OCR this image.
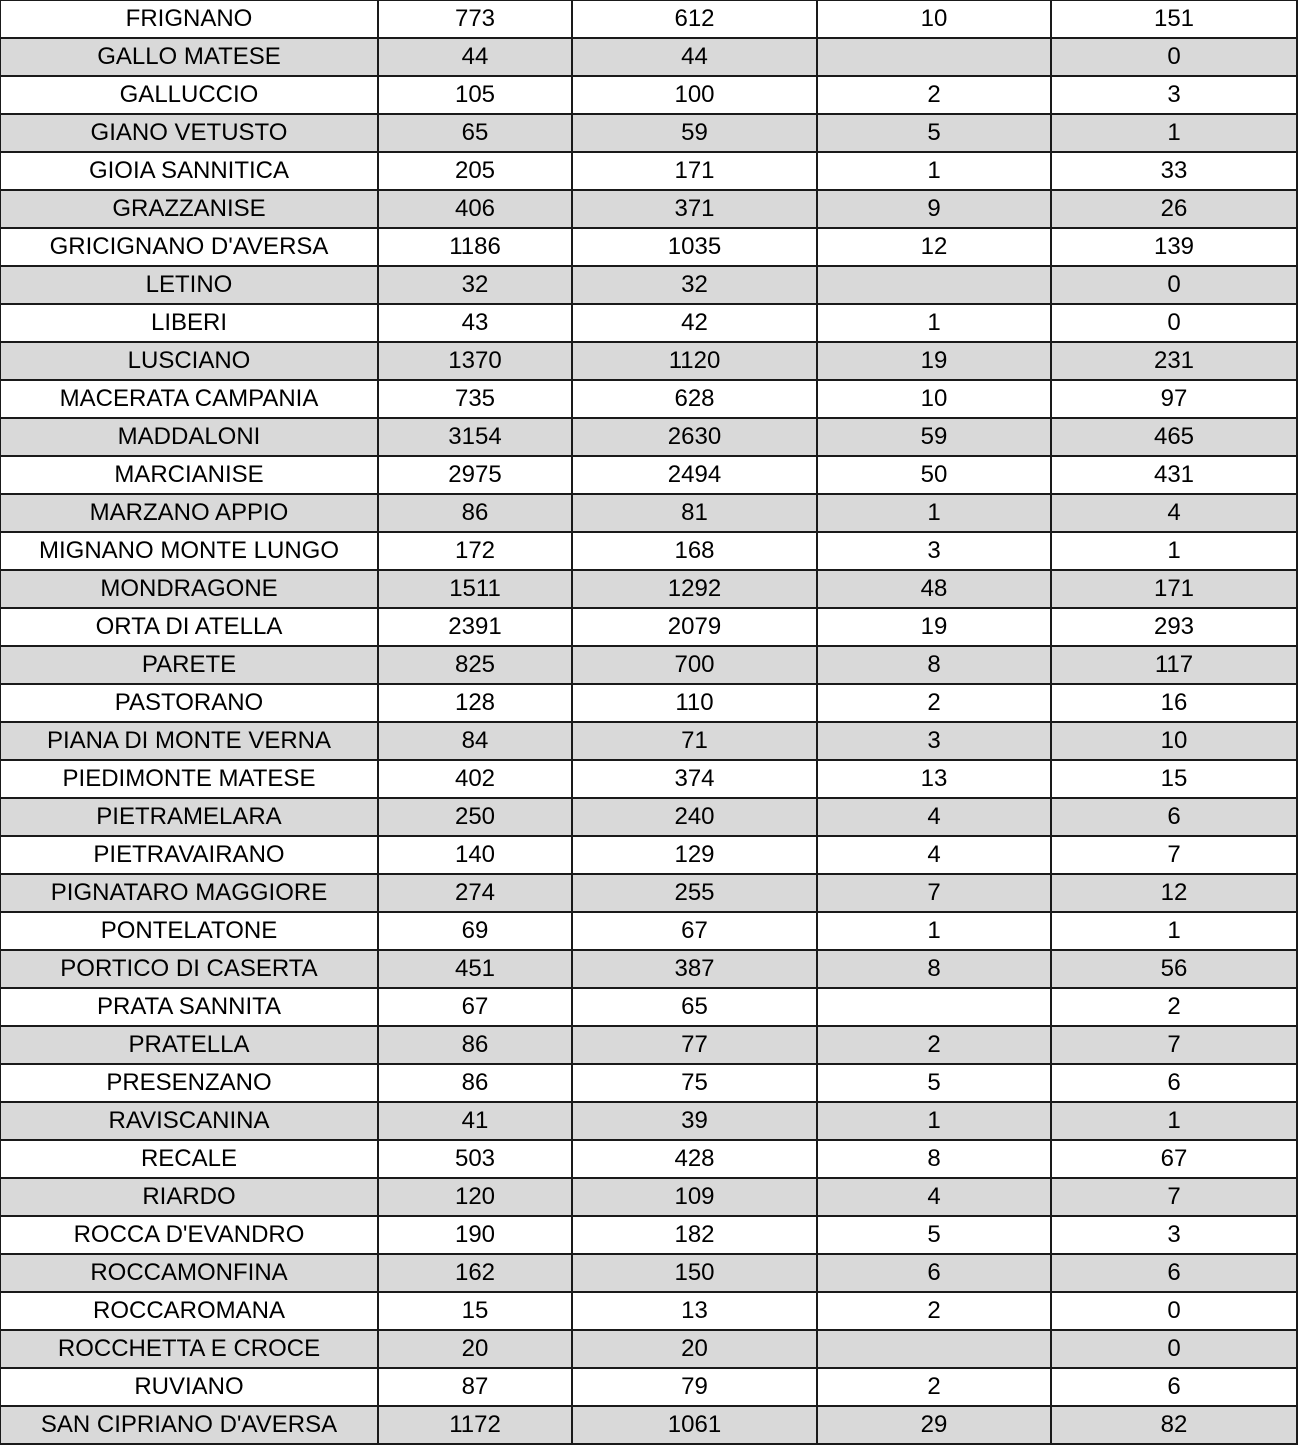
FRIGNANO	773	612	10	151
GALLO MATESE	44	44		0
GALLUCCIO	105	100	2	3
GIANO VETUSTO	65	59	5	1
GIOIA SANNITICA	205	171	1	33
GRAZZANISE	406	371	9	26
GRICIGNANO D'AVERSA	1186	1035	12	139
LETINO	32	32		0
LIBERI	43	42	1	0
LUSCIANO	1370	1120	19	231
MACERATA CAMPANIA	735	628	10	97
MADDALONI	3154	2630	59	465
MARCIANISE	2975	2494	50	431
MARZANO APPIO	86	81	1	4
MIGNANO MONTE LUNGO	172	168	3	1
MONDRAGONE	1511	1292	48	171
ORTA DI ATELLA	2391	2079	19	293
PARETE	825	700	8	117
PASTORANO	128	110	2	16
PIANA DI MONTE VERNA	84	71	3	10
PIEDIMONTE MATESE	402	374	13	15
PIETRAMELARA	250	240	4	6
PIETRAVAIRANO	140	129	4	7
PIGNATARO MAGGIORE	274	255	7	12
PONTELATONE	69	67	1	1
PORTICO DI CASERTA	451	387	8	56
PRATA SANNITA	67	65		2
PRATELLA	86	77	2	7
PRESENZANO	86	75	5	6
RAVISCANINA	41	39	1	1
RECALE	503	428	8	67
RIARDO	120	109	4	7
ROCCA D'EVANDRO	190	182	5	3
ROCCAMONFINA	162	150	6	6
ROCCAROMANA	15	13	2	0
ROCCHETTA E CROCE	20	20		0
RUVIANO	87	79	2	6
SAN CIPRIANO D'AVERSA	1172	1061	29	82
